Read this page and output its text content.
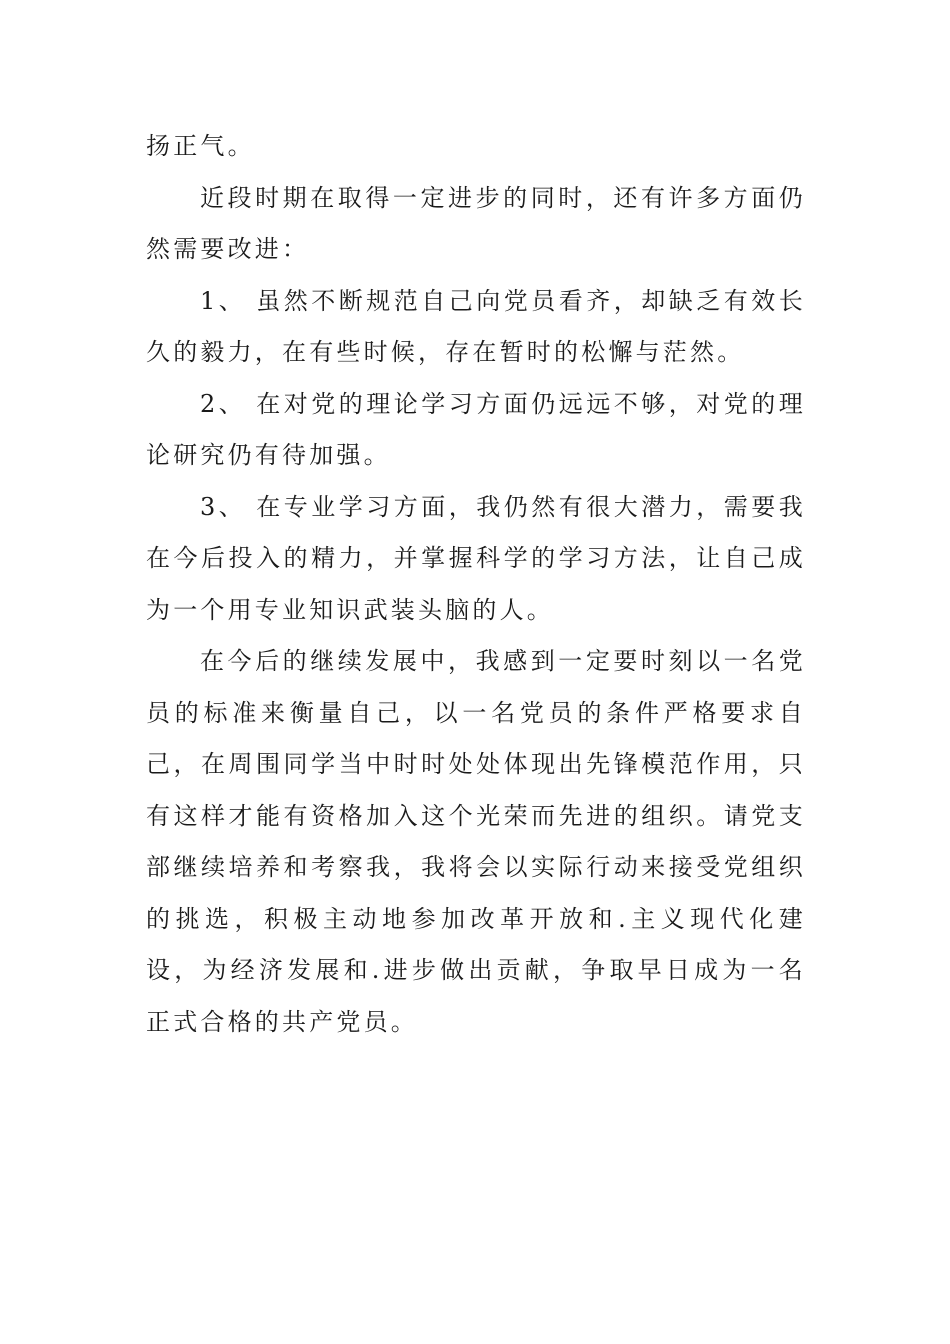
扬正气。

近段时期在取得一定进步的同时，还有许多方面仍然需要改进：

1、 虽然不断规范自己向党员看齐，却缺乏有效长久的毅力，在有些时候，存在暂时的松懈与茫然。

2、 在对党的理论学习方面仍远远不够，对党的理论研究仍有待加强。

3、 在专业学习方面，我仍然有很大潜力，需要我在今后投入的精力，并掌握科学的学习方法，让自己成为一个用专业知识武装头脑的人。

在今后的继续发展中，我感到一定要时刻以一名党员的标准来衡量自己，以一名党员的条件严格要求自己，在周围同学当中时时处处体现出先锋模范作用，只有这样才能有资格加入这个光荣而先进的组织。请党支部继续培养和考察我，我将会以实际行动来接受党组织的挑选，积极主动地参加改革开放和.主义现代化建设，为经济发展和.进步做出贡献，争取早日成为一名正式合格的共产党员。
